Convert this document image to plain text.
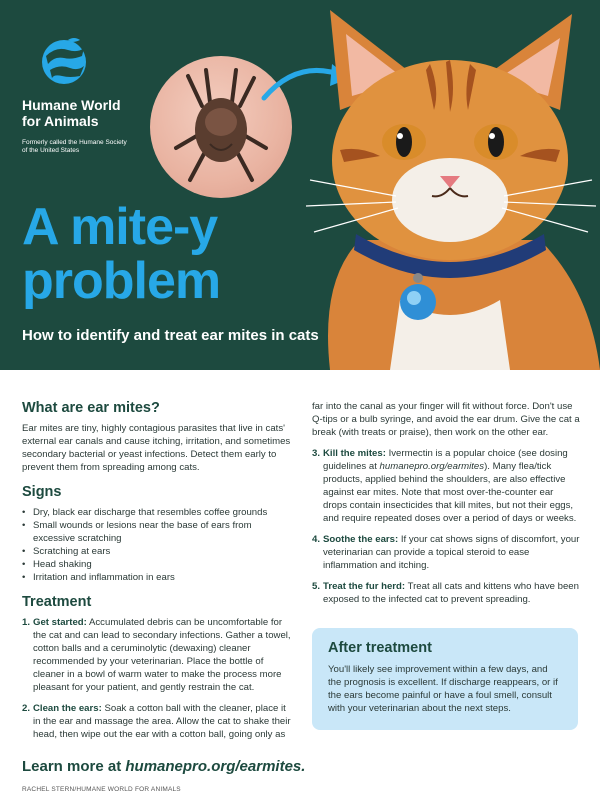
Humane World for Animals
Formerly called the Humane Society of the United States
A mite-y problem
How to identify and treat ear mites in cats
What are ear mites?

Ear mites are tiny, highly contagious parasites that live in cats' external ear canals and cause itching, irritation, and sometimes secondary bacterial or yeast infections. Detect them early to prevent them from spreading among cats.

Signs
• Dry, black ear discharge that resembles coffee grounds
• Small wounds or lesions near the base of ears from excessive scratching
• Scratching at ears
• Head shaking
• Irritation and inflammation in ears
Treatment
1. Get started: Accumulated debris can be uncomfortable for the cat and can lead to secondary infections. Gather a towel, cotton balls and a ceruminolytic (dewaxing) cleaner recommended by your veterinarian. Place the bottle of cleaner in a bowl of warm water to make the process more pleasant for your patient, and gently restrain the cat.
2. Clean the ears: Soak a cotton ball with the cleaner, place it in the ear and massage the area. Allow the cat to shake their head, then wipe out the ear with a cotton ball, going only as

far into the canal as your finger will fit without force. Don't use Q-tips or a bulb syringe, and avoid the ear drum. Give the cat a break (with treats or praise), then work on the other ear.

3. Kill the mites: Ivermectin is a popular choice (see dosing guidelines at humanepro.org/earmites). Many flea/tick products, applied behind the shoulders, are also effective against ear mites. Note that most over-the-counter ear drops contain insecticides that kill mites, but not their eggs, and require repeated doses over a period of days or weeks.
4. Soothe the ears: If your cat shows signs of discomfort, your veterinarian can provide a topical steroid to ease inflammation and itching.
5. Treat the fur herd: Treat all cats and kittens who have been exposed to the infected cat to prevent spreading.
After treatment

You'll likely see improvement within a few days, and the prognosis is excellent. If discharge reappears, or if the ears become painful or have a foul smell, consult with your veterinarian about the next steps.

Learn more at humanepro.org/earmites.
RACHEL STERN/HUMANE WORLD FOR ANIMALS
